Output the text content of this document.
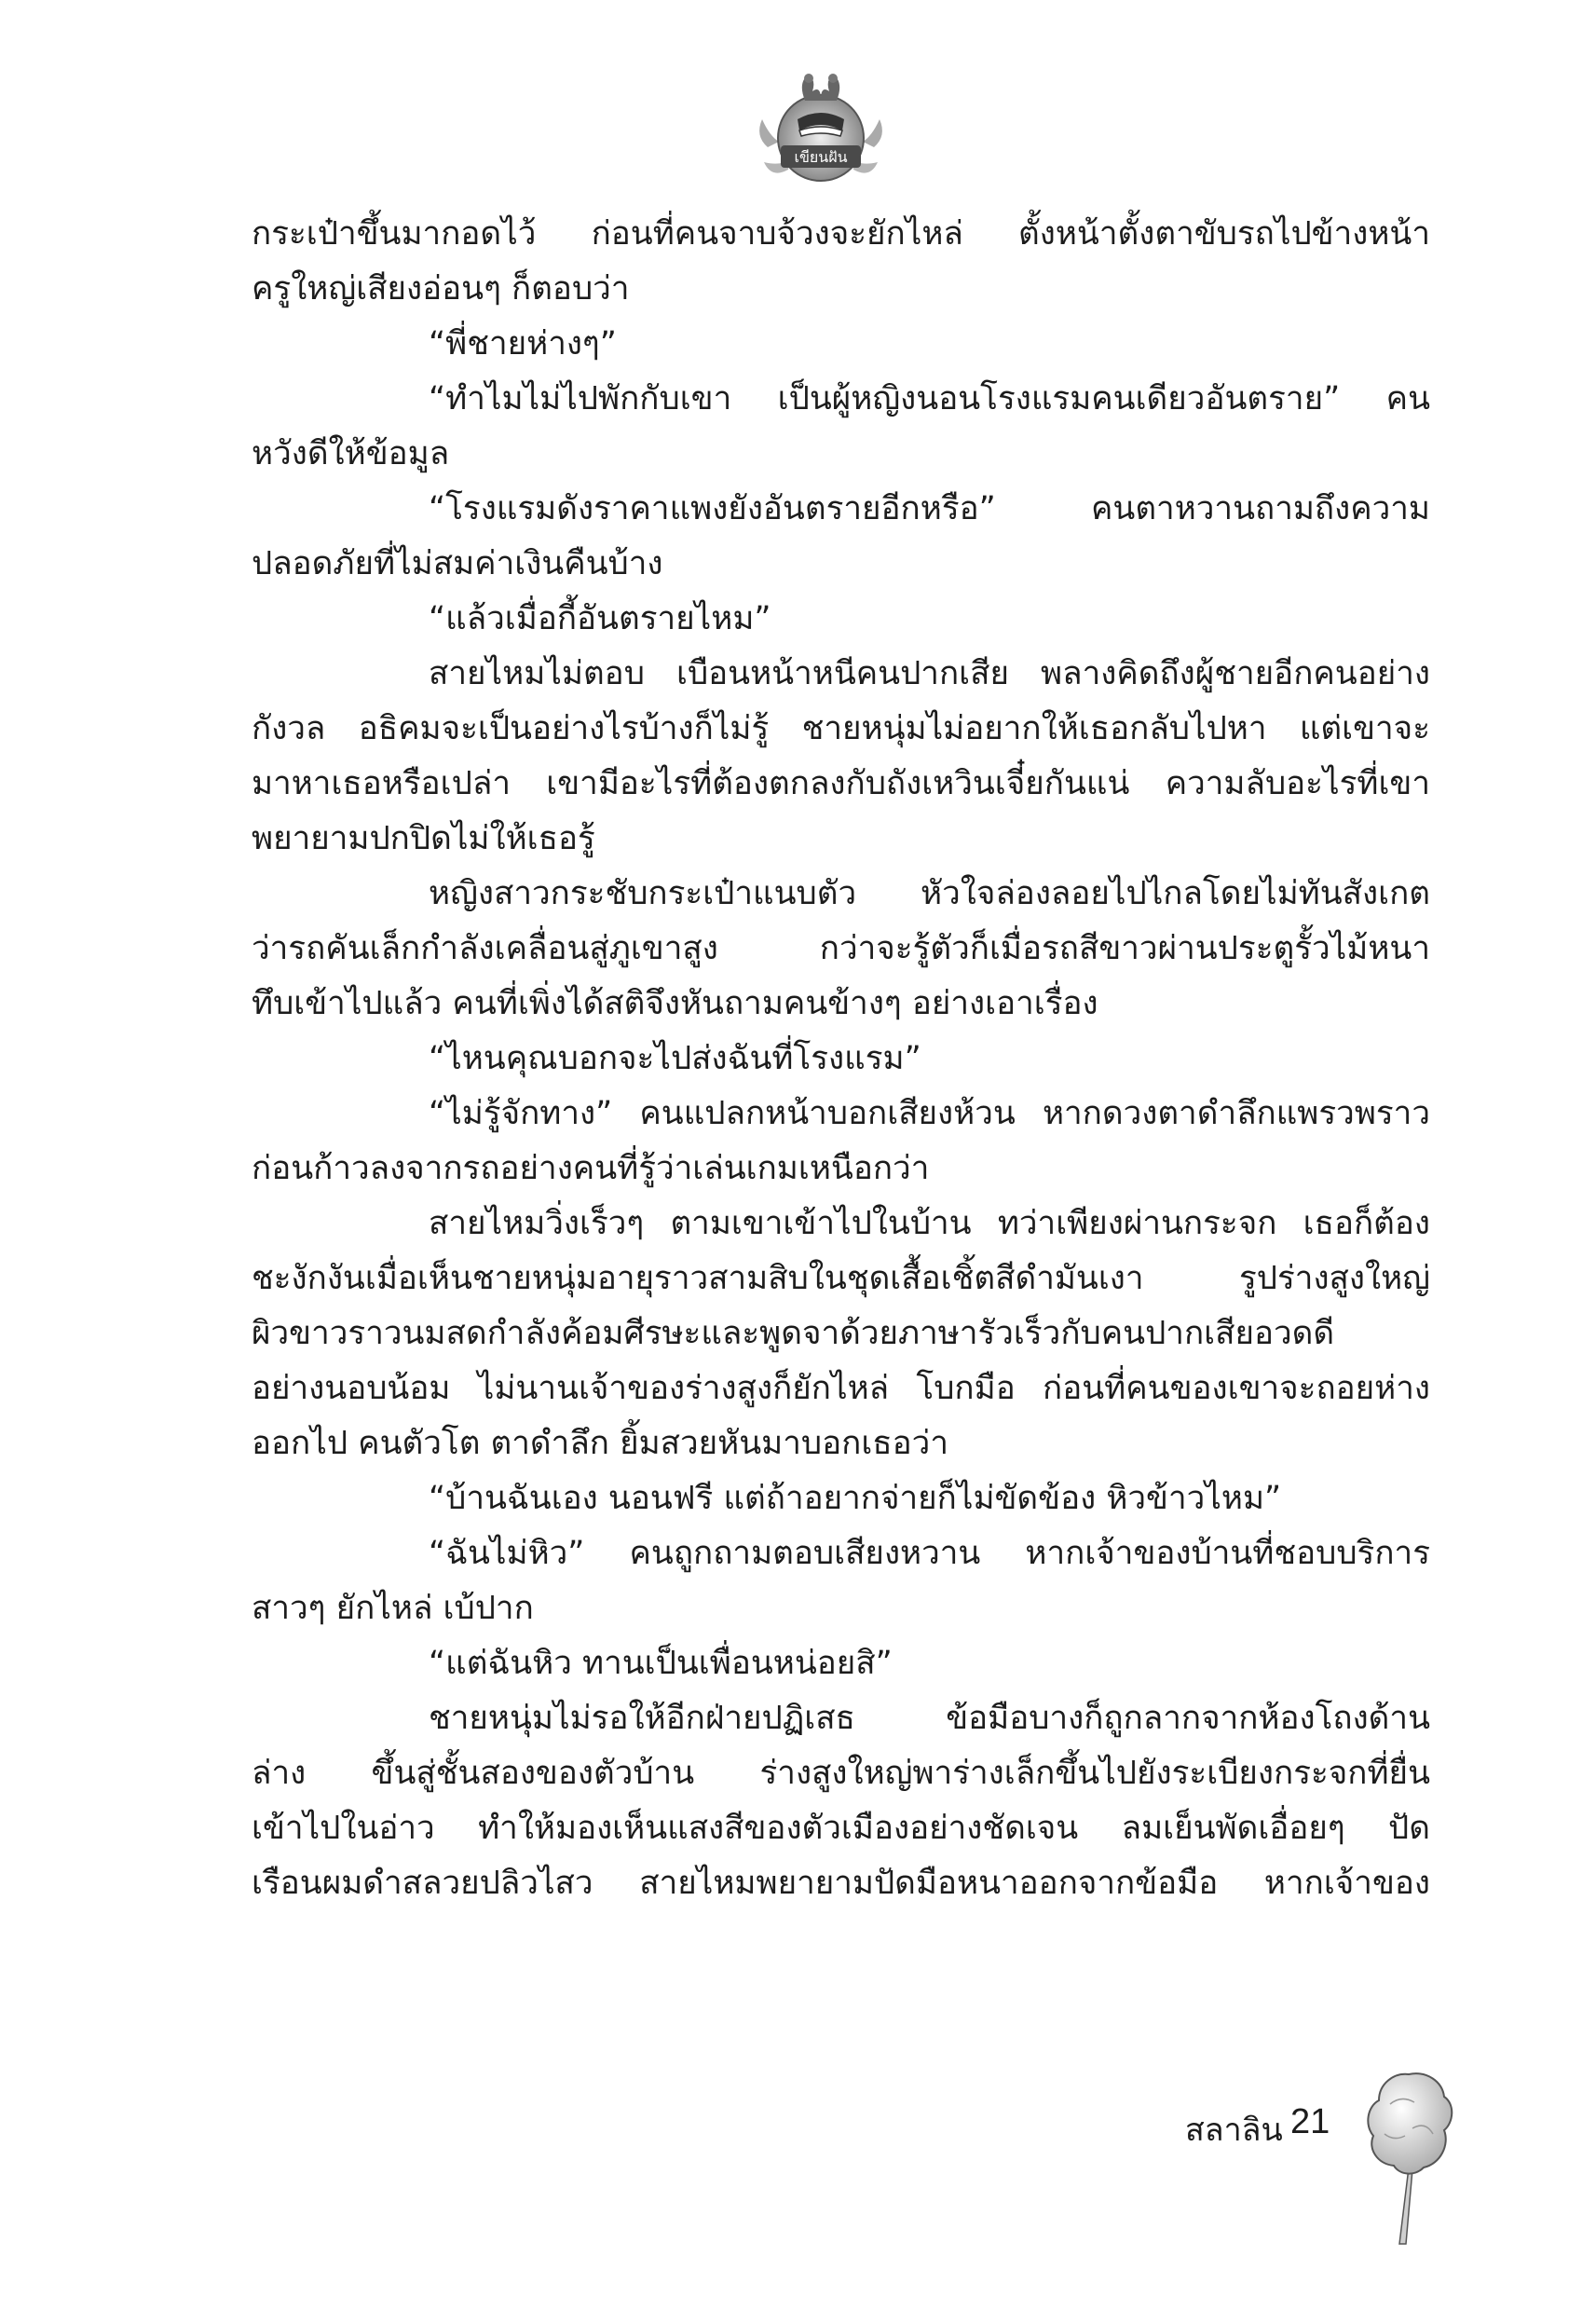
เขียนฝัน
กระเป๋าขึ้นมากอดไว้ ก่อนที่คนจาบจ้วงจะยักไหล่ ตั้งหน้าตั้งตาขับรถไปข้างหน้า
ครูใหญ่เสียงอ่อนๆ ก็ตอบว่า
“พี่ชายห่างๆ”
“ทำไมไม่ไปพักกับเขา เป็นผู้หญิงนอนโรงแรมคนเดียวอันตราย” คน
หวังดีให้ข้อมูล
“โรงแรมดังราคาแพงยังอันตรายอีกหรือ” คนตาหวานถามถึงความ
ปลอดภัยที่ไม่สมค่าเงินคืนบ้าง
“แล้วเมื่อกี้อันตรายไหม”
สายไหมไม่ตอบ เบือนหน้าหนีคนปากเสีย พลางคิดถึงผู้ชายอีกคนอย่าง
กังวล อธิคมจะเป็นอย่างไรบ้างก็ไม่รู้ ชายหนุ่มไม่อยากให้เธอกลับไปหา แต่เขาจะ
มาหาเธอหรือเปล่า เขามีอะไรที่ต้องตกลงกับถังเหวินเจี๋ยกันแน่ ความลับอะไรที่เขา
พยายามปกปิดไม่ให้เธอรู้
หญิงสาวกระชับกระเป๋าแนบตัว หัวใจล่องลอยไปไกลโดยไม่ทันสังเกต
ว่ารถคันเล็กกำลังเคลื่อนสู่ภูเขาสูง กว่าจะรู้ตัวก็เมื่อรถสีขาวผ่านประตูรั้วไม้หนา
ทึบเข้าไปแล้ว คนที่เพิ่งได้สติจึงหันถามคนข้างๆ อย่างเอาเรื่อง
“ไหนคุณบอกจะไปส่งฉันที่โรงแรม”
“ไม่รู้จักทาง” คนแปลกหน้าบอกเสียงห้วน หากดวงตาดำลึกแพรวพราว
ก่อนก้าวลงจากรถอย่างคนที่รู้ว่าเล่นเกมเหนือกว่า
สายไหมวิ่งเร็วๆ ตามเขาเข้าไปในบ้าน ทว่าเพียงผ่านกระจก เธอก็ต้อง
ชะงักงันเมื่อเห็นชายหนุ่มอายุราวสามสิบในชุดเสื้อเชิ้ตสีดำมันเงา รูปร่างสูงใหญ่
ผิวขาวราวนมสดกำลังค้อมศีรษะและพูดจาด้วยภาษารัวเร็วกับคนปากเสียอวดดี
อย่างนอบน้อม ไม่นานเจ้าของร่างสูงก็ยักไหล่ โบกมือ ก่อนที่คนของเขาจะถอยห่าง
ออกไป คนตัวโต ตาดำลึก ยิ้มสวยหันมาบอกเธอว่า
“บ้านฉันเอง นอนฟรี แต่ถ้าอยากจ่ายก็ไม่ขัดข้อง หิวข้าวไหม”
“ฉันไม่หิว” คนถูกถามตอบเสียงหวาน หากเจ้าของบ้านที่ชอบบริการ
สาวๆ ยักไหล่ เบ้ปาก
“แต่ฉันหิว ทานเป็นเพื่อนหน่อยสิ”
ชายหนุ่มไม่รอให้อีกฝ่ายปฏิเสธ ข้อมือบางก็ถูกลากจากห้องโถงด้าน
ล่าง ขึ้นสู่ชั้นสองของตัวบ้าน ร่างสูงใหญ่พาร่างเล็กขึ้นไปยังระเบียงกระจกที่ยื่น
เข้าไปในอ่าว ทำให้มองเห็นแสงสีของตัวเมืองอย่างชัดเจน ลมเย็นพัดเอื่อยๆ ปัด
เรือนผมดำสลวยปลิวไสว สายไหมพยายามปัดมือหนาออกจากข้อมือ หากเจ้าของ
สลาลิน 21
